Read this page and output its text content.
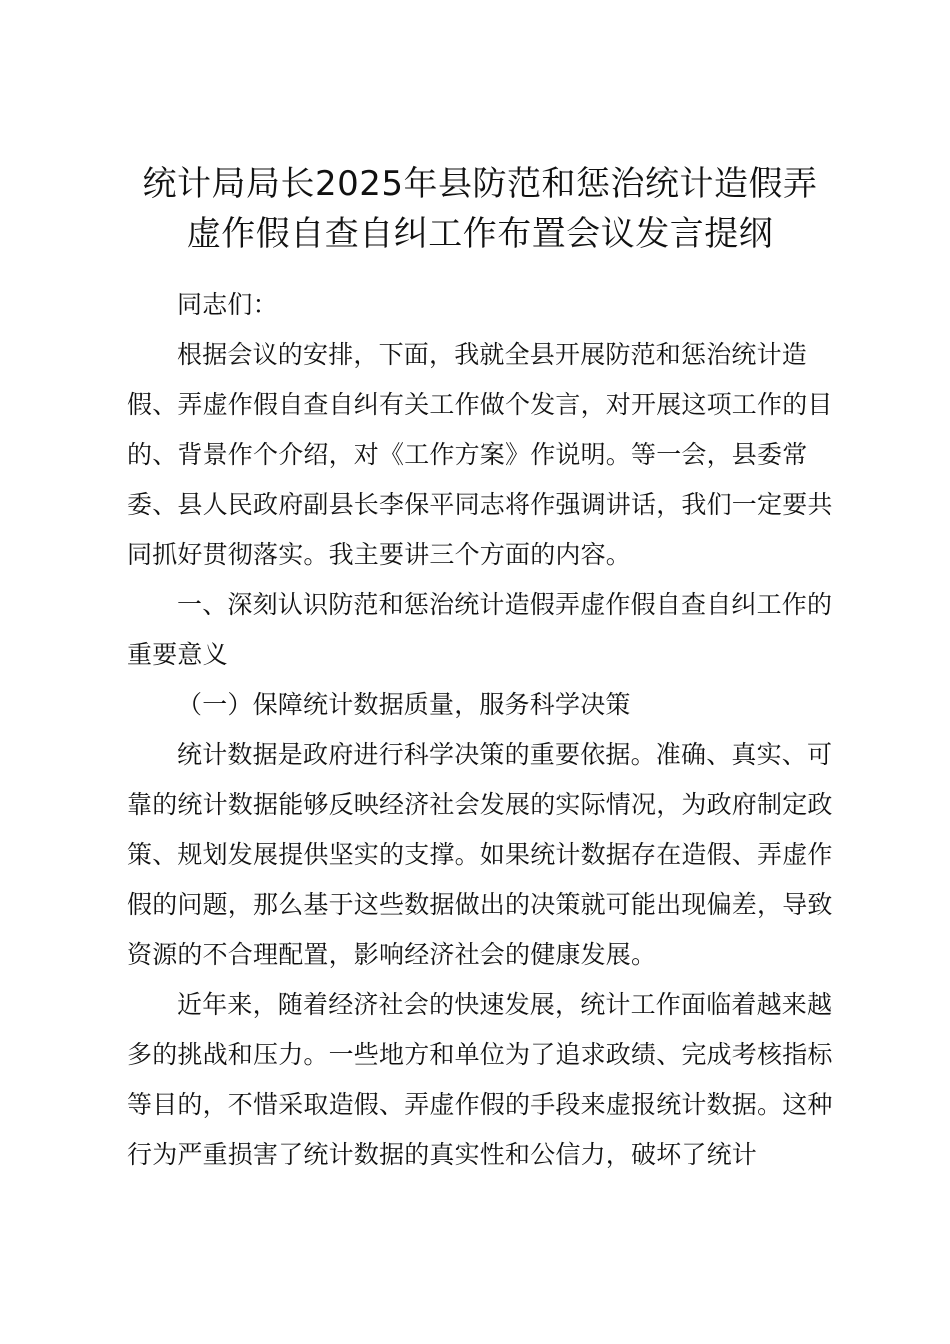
统计局局长2025年县防范和惩治统计造假弄
虚作假自查自纠工作布置会议发言提纲
同志们：
根据会议的安排，下面，我就全县开展防范和惩治统计造假、弄虚作假自查自纠有关工作做个发言，对开展这项工作的目的、背景作个介绍，对《工作方案》作说明。等一会，县委常委、县人民政府副县长李保平同志将作强调讲话，我们一定要共同抓好贯彻落实。我主要讲三个方面的内容。
一、深刻认识防范和惩治统计造假弄虚作假自查自纠工作的重要意义
（一）保障统计数据质量，服务科学决策
统计数据是政府进行科学决策的重要依据。准确、真实、可靠的统计数据能够反映经济社会发展的实际情况，为政府制定政策、规划发展提供坚实的支撑。如果统计数据存在造假、弄虚作假的问题，那么基于这些数据做出的决策就可能出现偏差，导致资源的不合理配置，影响经济社会的健康发展。
近年来，随着经济社会的快速发展，统计工作面临着越来越多的挑战和压力。一些地方和单位为了追求政绩、完成考核指标等目的，不惜采取造假、弄虚作假的手段来虚报统计数据。这种行为严重损害了统计数据的真实性和公信力，破坏了统计
